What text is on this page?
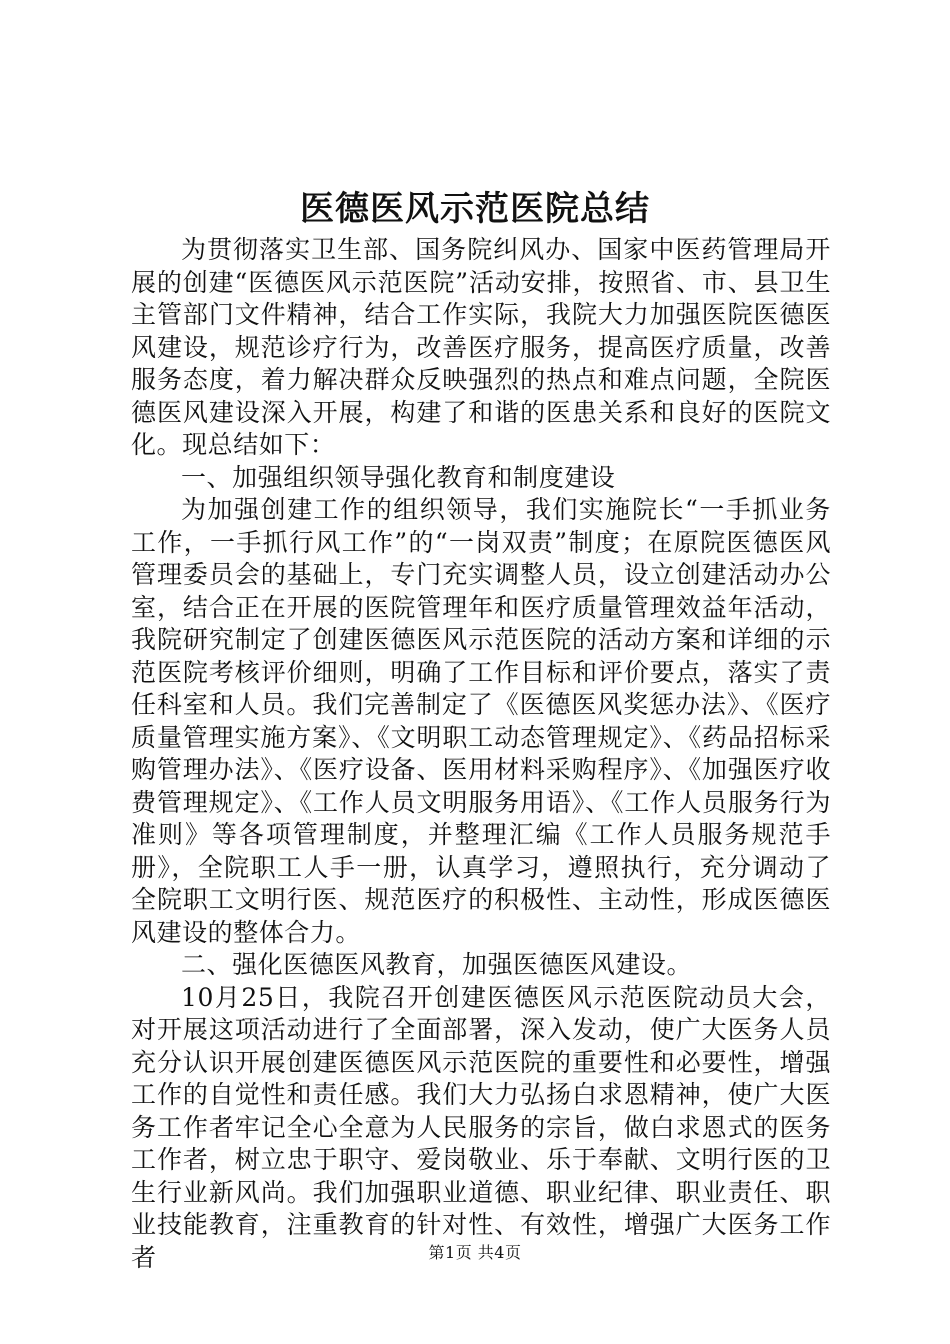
医德医风示范医院总结

为贯彻落实卫生部、国务院纠风办、国家中医药管理局开展的创建“医德医风示范医院”活动安排，按照省、市、县卫生主管部门文件精神，结合工作实际，我院大力加强医院医德医风建设，规范诊疗行为，改善医疗服务，提高医疗质量，改善服务态度，着力解决群众反映强烈的热点和难点问题，全院医德医风建设深入开展，构建了和谐的医患关系和良好的医院文化。现总结如下：

一、加强组织领导强化教育和制度建设

为加强创建工作的组织领导，我们实施院长“一手抓业务工作，一手抓行风工作”的“一岗双责”制度；在原院医德医风管理委员会的基础上，专门充实调整人员，设立创建活动办公室，结合正在开展的医院管理年和医疗质量管理效益年活动，我院研究制定了创建医德医风示范医院的活动方案和详细的示范医院考核评价细则，明确了工作目标和评价要点，落实了责任科室和人员。我们完善制定了《医德医风奖惩办法》、《医疗质量管理实施方案》、《文明职工动态管理规定》、《药品招标采购管理办法》、《医疗设备、医用材料采购程序》、《加强医疗收费管理规定》、《工作人员文明服务用语》、《工作人员服务行为准则》等各项管理制度，并整理汇编《工作人员服务规范手册》，全院职工人手一册，认真学习，遵照执行，充分调动了全院职工文明行医、规范医疗的积极性、主动性，形成医德医风建设的整体合力。

二、强化医德医风教育，加强医德医风建设。

10月25日，我院召开创建医德医风示范医院动员大会，对开展这项活动进行了全面部署，深入发动，使广大医务人员充分认识开展创建医德医风示范医院的重要性和必要性，增强工作的自觉性和责任感。我们大力弘扬白求恩精神，使广大医务工作者牢记全心全意为人民服务的宗旨，做白求恩式的医务工作者，树立忠于职守、爱岗敬业、乐于奉献、文明行医的卫生行业新风尚。我们加强职业道德、职业纪律、职业责任、职业技能教育，注重教育的针对性、有效性，增强广大医务工作者	第1页 共4页
